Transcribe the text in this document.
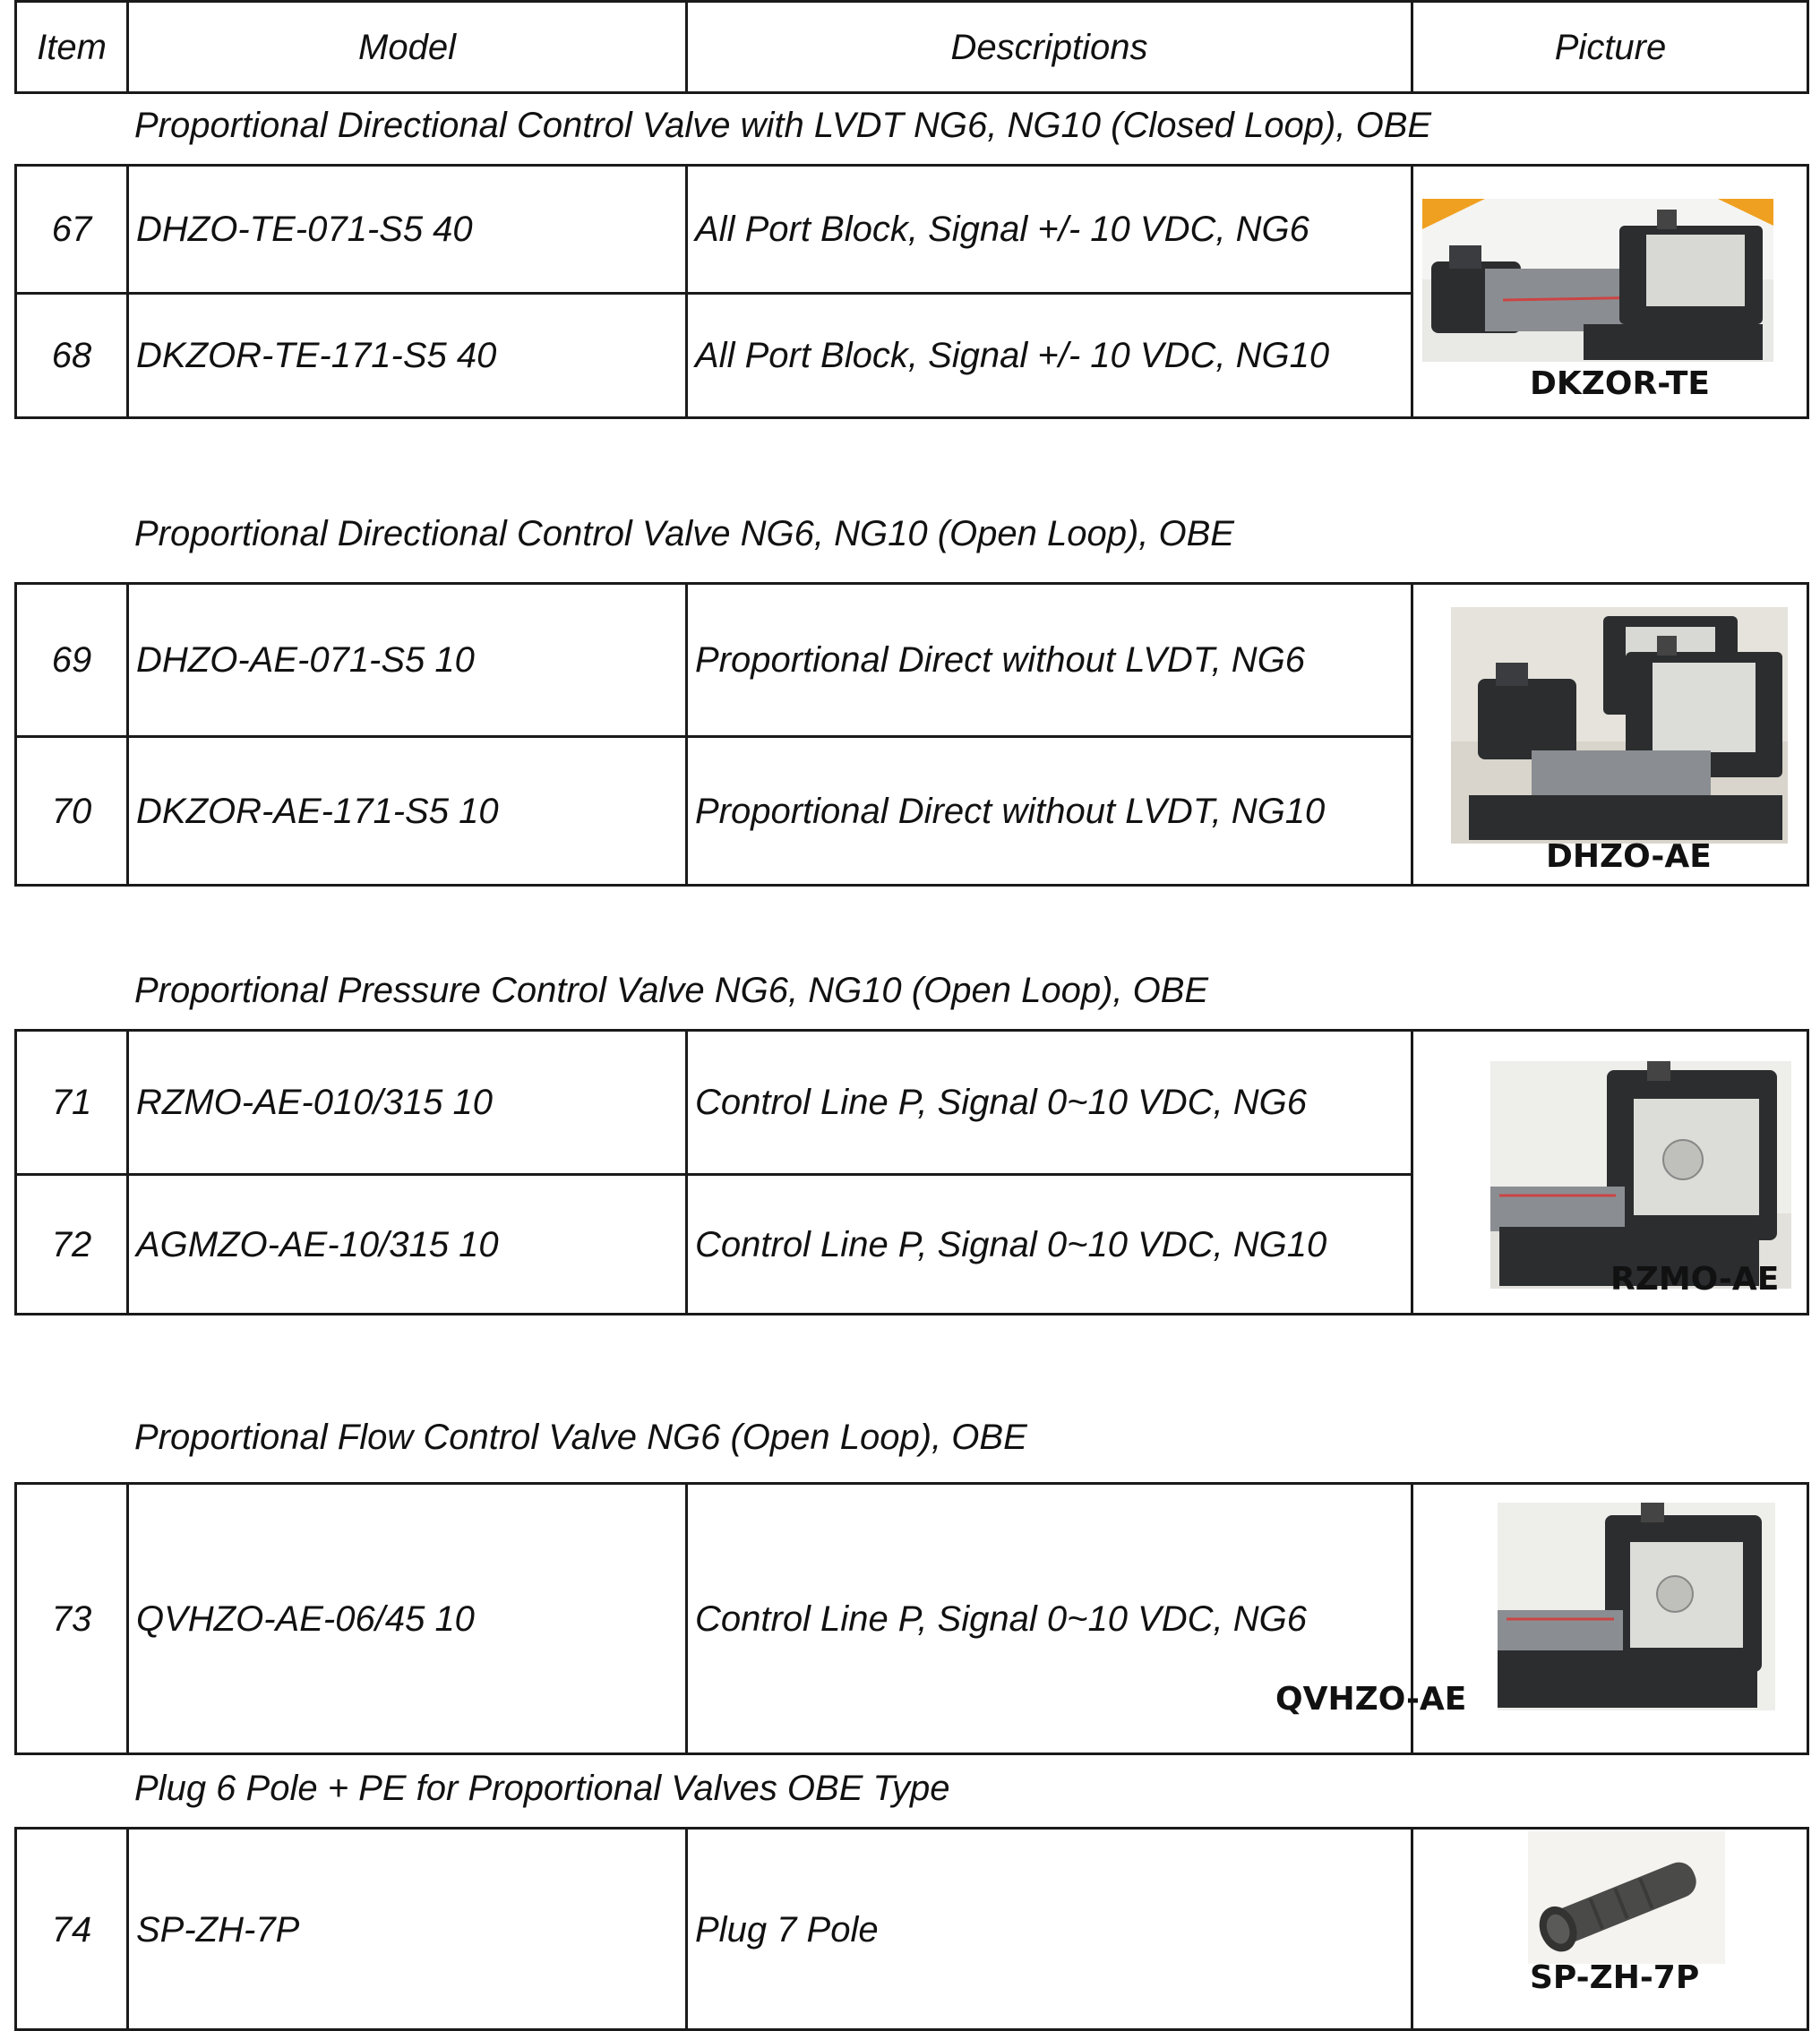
Item	Model	Descriptions	Picture
Proportional Directional Control Valve with LVDT NG6, NG10 (Closed Loop), OBE
67	DHZO-TE-071-S5 40	All Port Block, Signal +/- 10 VDC, NG6
68	DKZOR-TE-171-S5 40	All Port Block, Signal +/- 10 VDC, NG10
DKZOR-TE
Proportional Directional Control Valve NG6, NG10 (Open Loop), OBE
69	DHZO-AE-071-S5 10	Proportional Direct without LVDT, NG6
70	DKZOR-AE-171-S5 10	Proportional Direct without LVDT, NG10
DHZO-AE
Proportional Pressure Control Valve NG6, NG10 (Open Loop), OBE
71	RZMO-AE-010/315 10	Control Line P, Signal 0~10 VDC, NG6
72	AGMZO-AE-10/315 10	Control Line P, Signal 0~10 VDC, NG10
RZMO-AE
Proportional Flow Control Valve NG6 (Open Loop), OBE
73	QVHZO-AE-06/45 10	Control Line P, Signal 0~10 VDC, NG6
QVHZO-AE
Plug 6 Pole + PE for Proportional Valves OBE Type
74	SP-ZH-7P	Plug 7 Pole
SP-ZH-7P
